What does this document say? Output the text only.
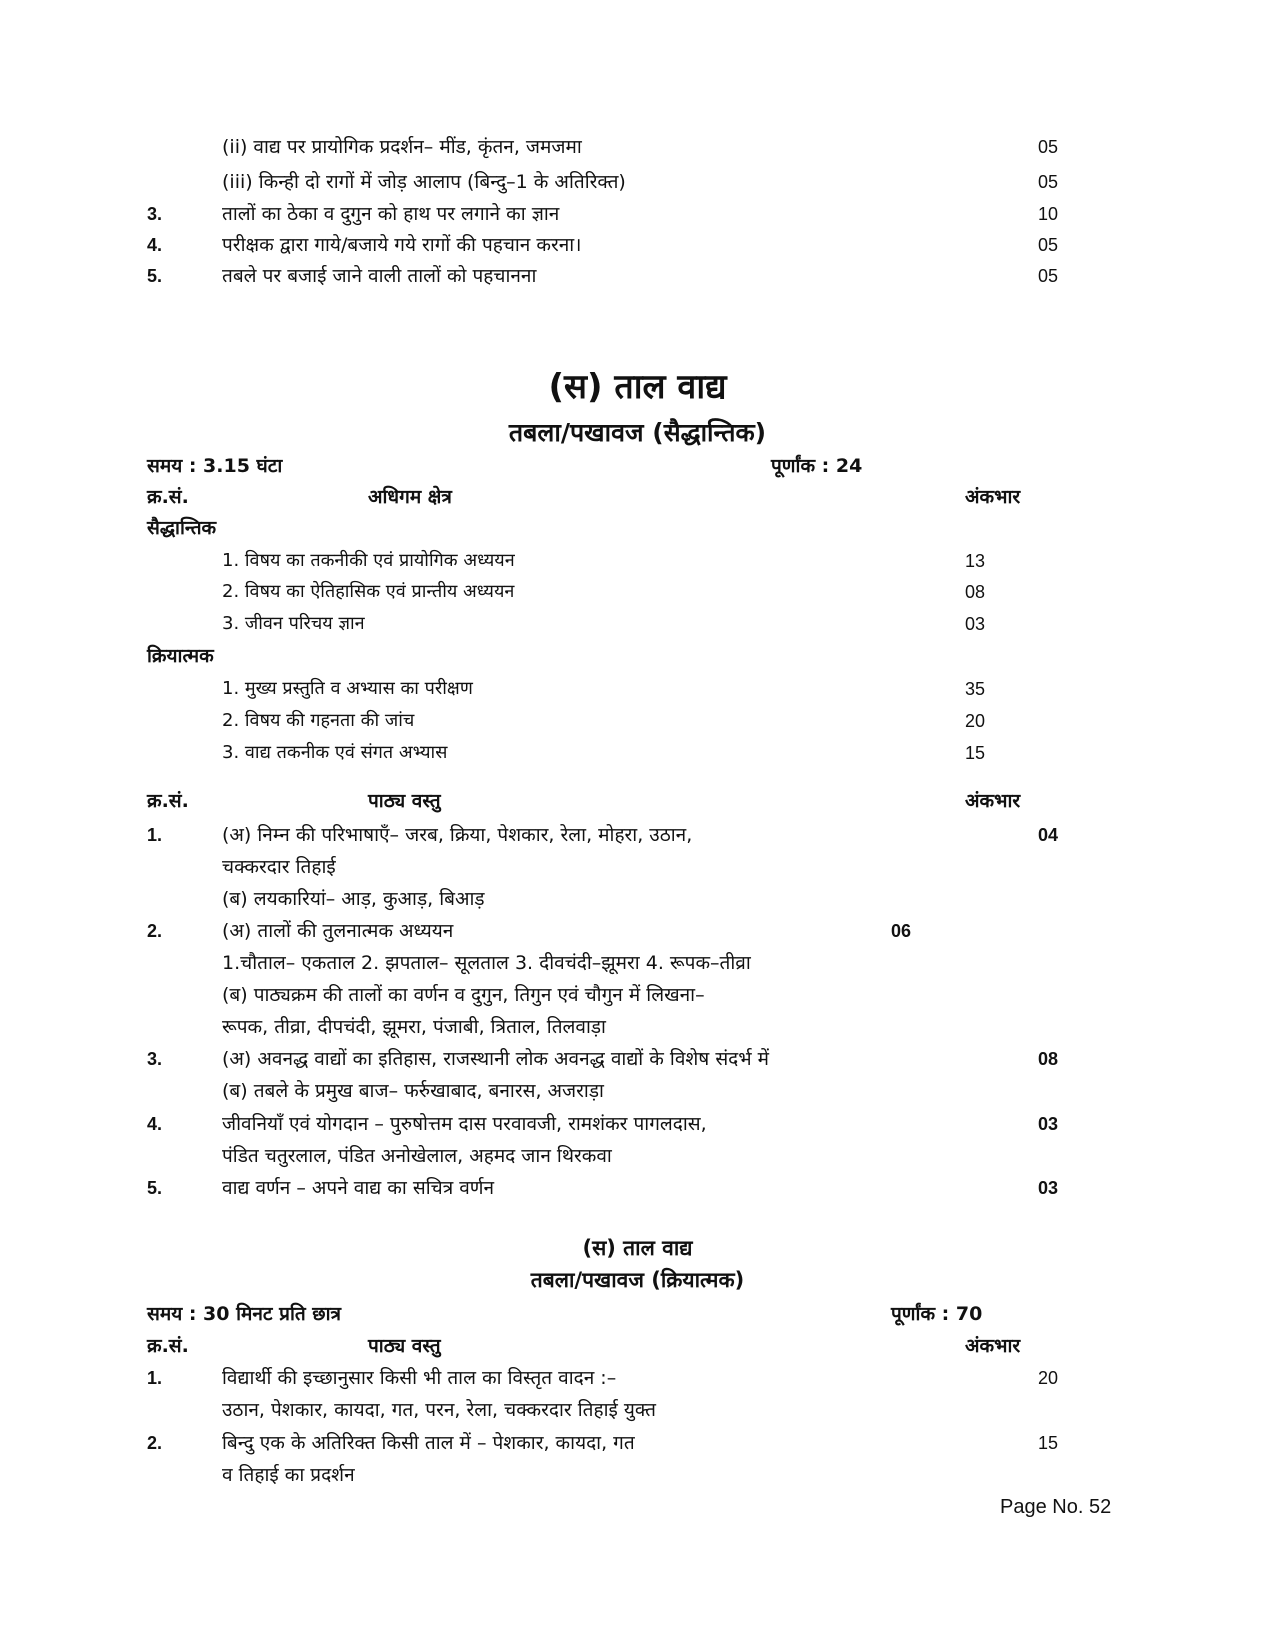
(ii) वाद्य पर प्रायोगिक प्रदर्शन– मींड, कृंतन, जमजमा	05
(iii) किन्ही दो रागों में जोड़ आलाप (बिन्दु–1 के अतिरिक्त)	05
3.	तालों का ठेका व दुगुन को हाथ पर लगाने का ज्ञान	10
4.	परीक्षक द्वारा गाये/बजाये गये रागों की पहचान करना।	05
5.	तबले पर बजाई जाने वाली तालों को पहचानना	05
(स) ताल वाद्य
तबला/पखावज (सैद्धान्तिक)
समय : 3.15 घंटा	पूर्णांक : 24
क्र.सं.	अधिगम क्षेत्र	अंकभार
सैद्धान्तिक
1. विषय का तकनीकी एवं प्रायोगिक अध्ययन	13
2. विषय का ऐतिहासिक एवं प्रान्तीय अध्ययन	08
3. जीवन परिचय ज्ञान	03
क्रियात्मक
1. मुख्य प्रस्तुति व अभ्यास का परीक्षण	35
2. विषय की गहनता की जांच	20
3. वाद्य तकनीक एवं संगत अभ्यास	15
क्र.सं.	पाठ्य वस्तु	अंकभार
1.	(अ) निम्न की परिभाषाएँ– जरब, क्रिया, पेशकार, रेला, मोहरा, उठान,	04
चक्करदार तिहाई
(ब) लयकारियां– आड़, कुआड़, बिआड़
2.	(अ) तालों की तुलनात्मक अध्ययन	06
1.चौताल– एकताल 2. झपताल– सूलताल 3. दीवचंदी–झूमरा 4. रूपक–तीव्रा
(ब) पाठ्यक्रम की तालों का वर्णन व दुगुन, तिगुन एवं चौगुन में लिखना–
रूपक, तीव्रा, दीपचंदी, झूमरा, पंजाबी, त्रिताल, तिलवाड़ा
3.	(अ) अवनद्ध वाद्यों का इतिहास, राजस्थानी लोक अवनद्ध वाद्यों के विशेष संदर्भ में	08
(ब) तबले के प्रमुख बाज– फर्रुखाबाद, बनारस, अजराड़ा
4.	जीवनियाँ एवं योगदान – पुरुषोत्तम दास परवावजी, रामशंकर पागलदास,	03
पंडित चतुरलाल, पंडित अनोखेलाल, अहमद जान थिरकवा
5.	वाद्य वर्णन – अपने वाद्य का सचित्र वर्णन	03
(स) ताल वाद्य
तबला/पखावज (क्रियात्मक)
समय : 30 मिनट प्रति छात्र	पूर्णांक : 70
क्र.सं.	पाठ्य वस्तु	अंकभार
1.	विद्यार्थी की इच्छानुसार किसी भी ताल का विस्तृत वादन :–	20
उठान, पेशकार, कायदा, गत, परन, रेला, चक्करदार तिहाई युक्त
2.	बिन्दु एक के अतिरिक्त किसी ताल में – पेशकार, कायदा, गत	15
व तिहाई का प्रदर्शन
Page No. 52
